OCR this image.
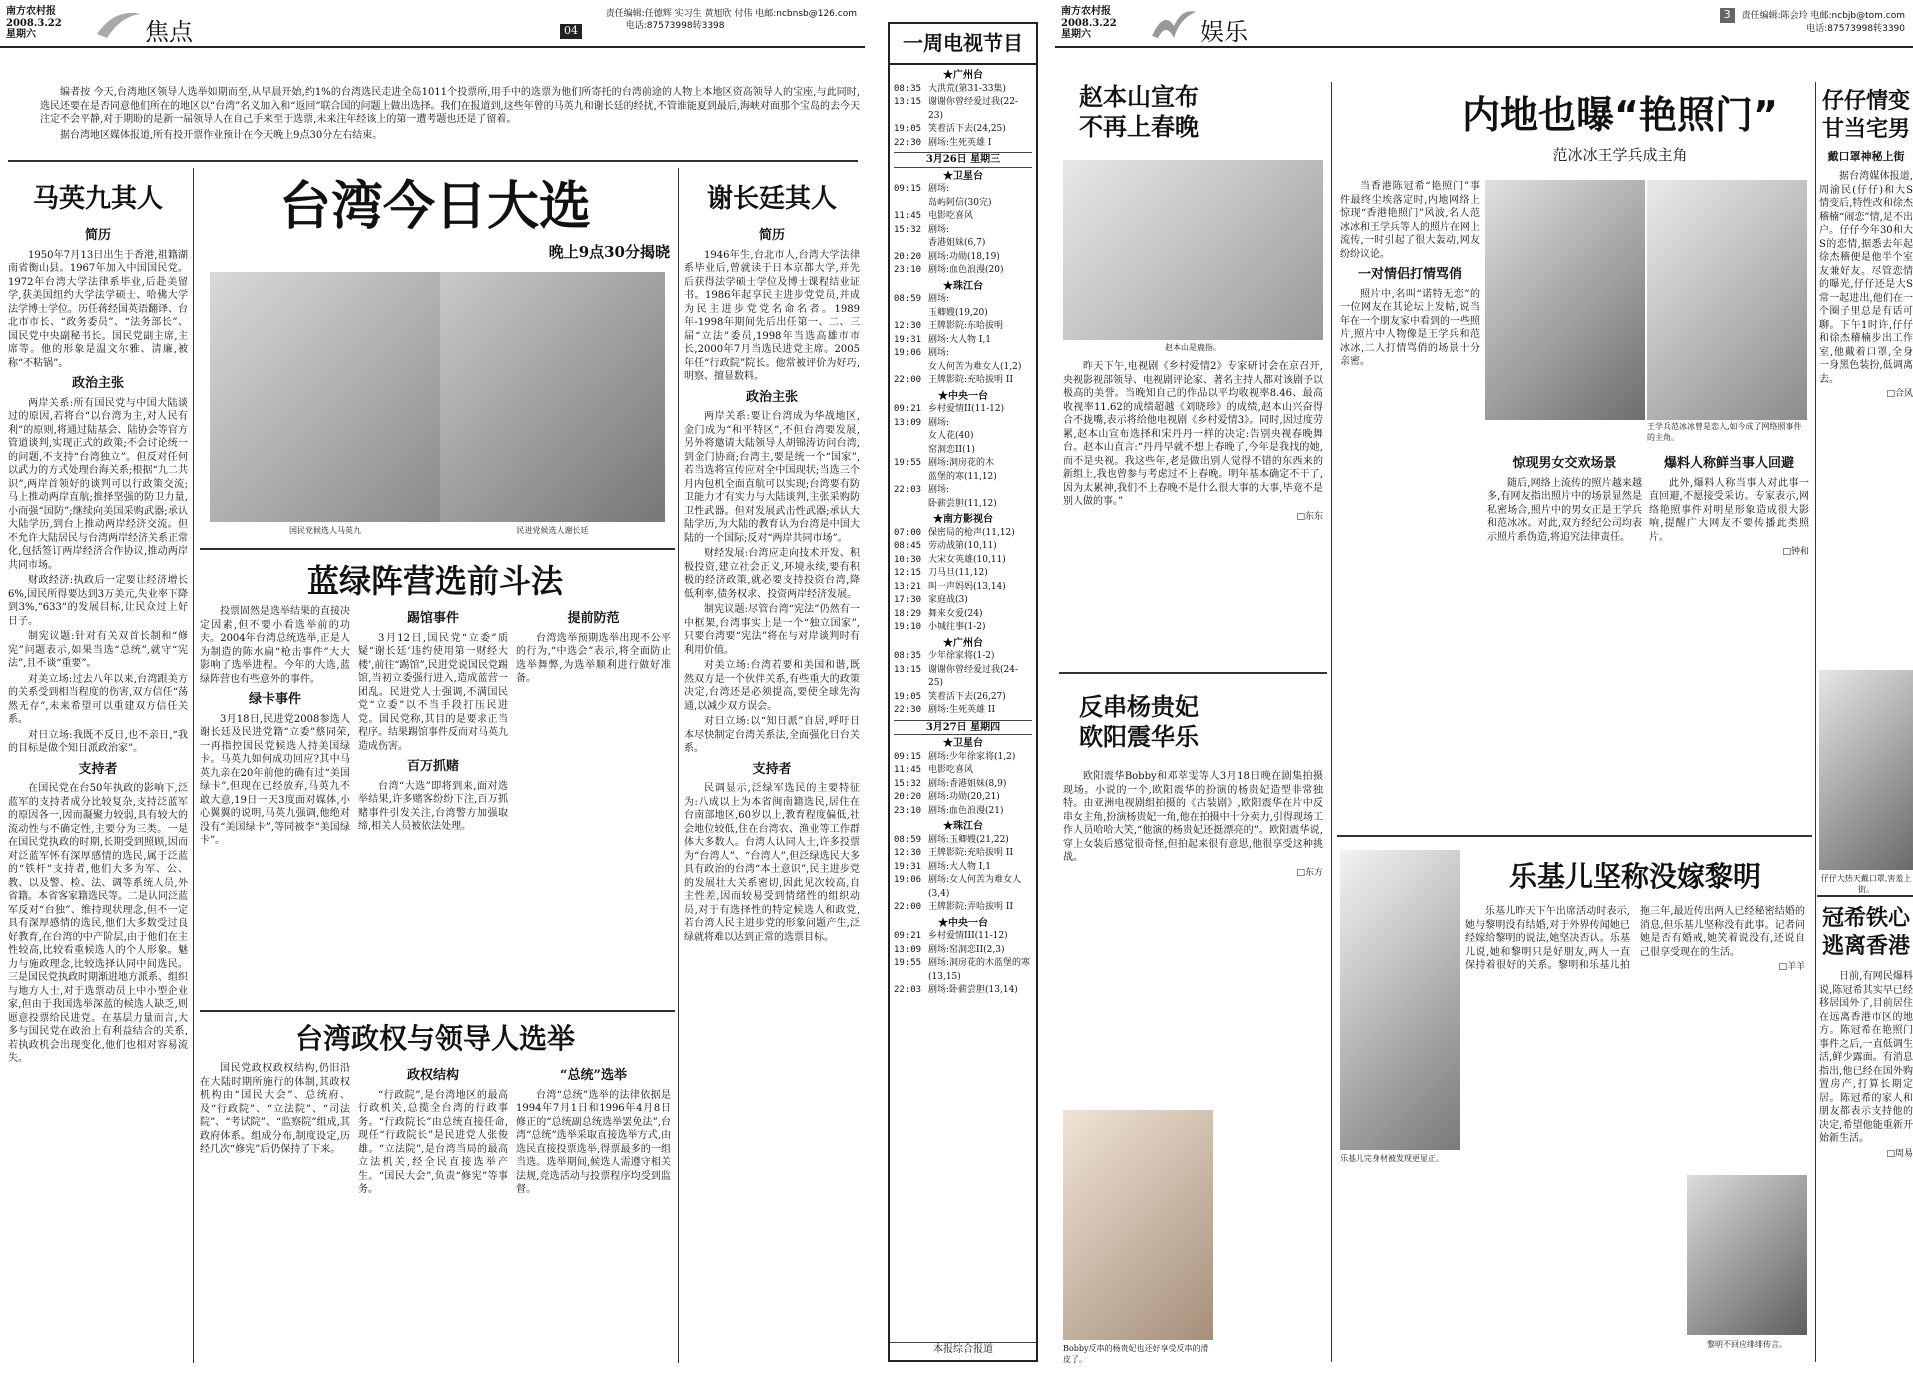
南方农村报
2008.3.22
星期六	焦点	04
责任编辑:任德辉 实习生 黄旭欣 付伟 电邮:ncbnsb@126.com
电话:87573998转3398

编者按 今天,台湾地区领导人选举如期而至,从早晨开始,约1%的台湾选民走进全岛1011个投票所,用手中的选票为他们所寄托的台湾前途的人物上本地区资高领导人的宝座,与此同时,选民还要在是否同意他们所在的地区以“台湾”名义加入和“返回”联合国的问题上做出选择。我们在报道到,这些年曾的马英九和谢长廷的经扰,不管谁能夏到最后,海峡对面那个宝岛的去今天注定不会平静,对于期盼的是新一届领导人在自己手来至于选票,未来注年经该上的第一遭考题也还是了留着。

据台湾地区媒体报道,所有投开票作业预计在今天晚上9点30分左右结束。

马英九其人
简历

1950年7月13日出生于香港,祖籍湖南省衡山县。1967年加入中国国民党。1972年台湾大学法律系毕业,后赴美留学,获美国纽约大学法学硕士、哈佛大学法学博士学位。历任蒋经国英语翻译、台北市市长、“政务委员”、“法务部长”、国民党中央副秘书长。国民党副主席,主席等。他的形象是温文尔雅、清廉,被称“不粘锅”。

政治主张

两岸关系:所有国民党与中国大陆谈过的原因,若将台“以台湾为主,对人民有利”的原则,将通过陆基会、陆协会等官方管道谈判,实现正式的政策;不会讨论统一的问题,不支持“台湾独立”。但反对任何以武力的方式处理台海关系;根据“九二共识”,两岸首领好的谈判可以行政策交流;马上推动两岸直航;推择坚强的防卫力量,小而强“国防”;继续向美国采购武器;承认大陆学历,到台上推动两岸经济交流。但不允许大陆居民与台湾两岸经济关系正常化,包括签订两岸经济合作协议,推动两岸共同市场。

财政经济:执政后一定要让经济增长6%,国民所得要达到3万美元,失业率下降到3%,“633”的发展目标,让民众过上好日子。

制宪议题:针对有关双首长制和“修宪”问题表示,如果当选“总统”,就守“宪法”,且不谈“重要”。

对美立场:过去八年以来,台湾跟美方的关系受到相当程度的伤害,双方信任“荡然无存”,未来希望可以重建双方信任关系。

对日立场:我既不反日,也不亲日,“我的目标是做个知日派政治家”。

支持者

在国民党在台50年执政的影响下,泛蓝军的支持者成分比较复杂,支持泛蓝军的原因各一,因而凝聚力较弱,具有较大的流动性与不确定性,主要分为三类。一是在国民党执政的时期,长期受到照顾,因而对泛蓝军怀有深厚感情的选民,属于泛蓝的“铁杆”支持者,他们大多为军、公、教、以及警、检、法、调等系统人员,外省籍。本省客家籍选民等。二是认同泛蓝军反对“台独”、维持现状理念,但不一定具有深厚感情的选民,他们大多数受过良好教育,在台湾的中产阶层,由于他们在主性较高,比较看重候选人的个人形象。魅力与施政理念,比较选择认同中间选民。三是国民党执政时期渐进地方派系、组织与地方人士,对于选票动员上中小型企业家,但由于我国选举深蓝的候选人缺乏,则愿意投票给民进党。在基层力量而言,大多与国民党在政治上有利益结合的关系,若执政机会出现变化,他们也相对容易流失。

台湾今日大选
晚上9点30分揭晓
国民党候选人马英九	民进党候选人谢长廷
蓝绿阵营选前斗法

投票固然是选举结果的直接决定因素,但不要小看选举前的功夫。2004年台湾总统选举,正是人为制造的陈水扁“枪击事件”大大影响了选举进程。今年的大选,蓝绿阵营也有些意外的事件。

绿卡事件

3月18日,民进党2008参选人谢长廷及民进党籍“立委”蔡同荣,一再指控国民党候选人持美国绿卡。马英九如何成功回应?其中马英九亲在20年前他的确有过“美国绿卡”,但现在已经放弃,马英九不敢大意,19日一天3度面对媒体,小心翼翼的说明,马英九强调,他绝对没有“美国绿卡”,等同被李“美国绿卡”。

踢馆事件

3月12日,国民党“立委”质疑“谢长廷‘违约使用第一财经大楼’,前往“踢馆”,民进党说国民党踢馆,当初立委强行进入,造成蓝营一团乱。民进党人士强调,不满国民党“立委”以不当手段打压民进党。国民党称,其目的是要求正当程序。结果踢馆事件反而对马英九造成伤害。

百万抓赌

台湾“大选”即将到来,面对选举结果,许多赌客纷纷下注,百万抓赌事件引发关注,台湾警方加强取缔,相关人员被依法处理。

提前防范

台湾选举预期选举出现不公平的行为,“中选会”表示,将全面防止选举舞弊,为选举顺利进行做好准备。

台湾政权与领导人选举

国民党政权政权结构,仍旧沿在大陆时期所施行的体制,其政权机构由“国民大会”、总统府、及“行政院”、“立法院”、“司法院”、“考试院”、“监察院”组成,其政府体系。组成分布,制度设定,历经几次“修宪”后仍保持了下来。

政权结构

“行政院”,是台湾地区的最高行政机关,总揽全台湾的行政事务。“行政院长”由总统直接任命,现任“行政院长”是民进党人张俊雄。“立法院”,是台湾当局的最高立法机关,经全民直接选举产生。“国民大会”,负责“修宪”等事务。

“总统”选举

台湾“总统”选举的法律依据是1994年7月1日和1996年4月8日修正的“总统副总统选举罢免法”,台湾“总统”选举采取直接选举方式,由选民直接投票选举,得票最多的一组当选。选举期间,候选人需遵守相关法规,竞选活动与投票程序均受到监督。

谢长廷其人
简历

1946年生,台北市人,台湾大学法律系毕业后,曾就读于日本京都大学,并先后获得法学硕士学位及博士课程结业证书。1986年起享民主进步党党员,并成为民主进步党党名命名者。1989年-1998年期间先后出任第一、二、三届“立法”委员,1998年当选高雄市市长,2000年7月当选民进党主席。2005年任“行政院”院长。他常被评价为好巧,明察、擅显数料。

政治主张

两岸关系:要让台湾成为华战地区,金门成为“和平特区”,不但台湾要发展,另外将邀请大陆领导人胡锦涛访问台湾,到金门协商;台湾主,要是统一个“国家”,若当选将宣传应对全中国现状;当选三个月内包机全面直航可以实现;台湾要有防卫能力才有实力与大陆谈判,主张采购防卫性武器。但对发展武击性武器;承认大陆学历,为大陆的教育认为台湾是中国大陆的一个国际;反对“两岸共同市场”。

财经发展:台湾应走向技术开发、积极投资,建立社会正义,环境永续,要有积极的经济政策,就必要支持投资台湾,降低利率,债务权求、投资两岸经济发展。

制宪议题:尽管台湾“宪法”仍然有一中框架,台湾事实上是一个“独立国家”,只要台湾要“宪法”将在与对岸谈判时有利用价值。

对美立场:台湾若要和美国和谐,既然双方是一个伙伴关系,有些重大的政策决定,台湾还是必须提高,要使全球先沟通,以减少双方误会。

对日立场:以“知日派”自居,呼吁日本尽快制定台湾关系法,全面强化日台关系。

支持者

民调显示,泛绿军选民的主要特征为:八成以上为本省闽南籍选民,居住在台南部地区,60岁以上,教育程度偏低,社会地位较低,住在台湾农、渔业等工作群体大多数人。台湾人认同人士,许多投票为“台湾人”、“台湾人”,但泛绿选民大多具有政治的台湾“本土意识”,民主进步党的发展壮大关系密切,因此见次较高,自主性差,因而较易受到情绪性的组织动员,对于有选择性的特定候选人和政党,若台湾人民主进步党的形象问题产生,泛绿就将难以达到正常的选票目标。

一周电视节目
★广州台
08:35 大洪荒(第31-33集)
13:15 谢谢你曾经爱过我(22-23)
19:05 笑着活下去(24,25)
22:30 剧场:生死英雄 I
3月26日 星期三
★卫星台
09:15 剧场:
岛屿阿信(30完)
11:45 电影吃喜风
15:32 剧场:
香港姐妹(6,7)
20:20 剧场:功勋(18,19)
23:10 剧场:血色浪漫(20)
★珠江台
08:59 剧场:
玉卿嫂(19,20)
12:30 王牌影院:东哈拔明
19:31 剧场:大人物 I,1
19:06 剧场:
女人何苦为难女人(1,2)
22:00 王牌影院:充哈拔明 II
★中央一台
09:21 乡村爱情II(11-12)
13:09 剧场:
女人花(40)
窑洞恋II(1)
19:55 剧场:洞房花的木
蓝堡的寒(11,12)
22:03 剧场:
卧薪尝胆(11,12)
★南方影视台
07:00 保密局的枪声(11,12)
08:45 劳动战第(10,11)
10:30 大宋女英雄(10,11)
12:15 刀马旦(11,12)
13:21 叫一声妈妈(13,14)
17:30 家庭战(3)
18:29 舞来女爱(24)
19:10 小城往事(1-2)
★广州台
08:35 少年徐家将(1-2)
13:15 谢谢你曾经爱过我(24-25)
19:05 笑着活下去(26,27)
22:30 剧场:生死英雄 II
3月27日 星期四
★卫星台
09:15 剧场:少年徐家将(1,2)
11:45 电影吃喜风
15:32 剧场:香港姐妹(8,9)
20:20 剧场:功勋(20,21)
23:10 剧场:血色浪漫(21)
★珠江台
08:59 剧场:玉卿嫂(21,22)
12:30 王牌影院:充哈拔明 II
19:31 剧场:大人物 I,1
19:06 剧场:女人何苦为难女人(3,4)
22:00 王牌影院:弄哈拔明 II
★中央一台
09:21 乡村爱情III(11-12)
13:09 剧场:窑洞恋II(2,3)
19:55 剧场:洞房花的木蓝堡的寒(13,15)
22:03 剧场:卧薪尝胆(13,14)
本报综合报道
南方农村报
2008.3.22
星期六	娱乐
3 责任编辑:陈会玲 电邮:ncbjb@tom.com
电话:87573998转3390
赵本山宣布
不再上春晚
赵本山是鹿指。

昨天下午,电视剧《乡村爱情2》专家研讨会在京召开,央视影视部领导、电视剧评论家、著名主持人都对该剧予以极高的美誉。当晚知自己的作品以平均收视率8.46、最高收视率11.62的成绩超越《刘晓珍》的成绩,赵本山兴奋得合不拢嘴,表示将给他电视剧《乡村爱情3》。同时,因过度劳累,赵本山宣布选择和宋丹丹一样的决定:告别央视春晚舞台。赵本山直言:“丹丹早就不想上春晚了,今年是我找的她,而不是央视。我这些年,老是做出别人觉得不错的东西来的新组上,我也曾参与考虑过不上春晚。明年基本确定不干了,因为太累神,我们不上春晚不是什么很大事的大事,毕竟不是别人做的事。”

□东东
反串杨贵妃
欧阳震华乐

欧阳震华Bobby和邓萃雯等人3月18日晚在剧集拍摄现场。小说的一个,欧阳震华的扮演的杨贵妃造型非常独特。由亚洲电视剧组拍摄的《古装剧》,欧阳震华在片中反串女主角,扮演杨贵妃一角,他在拍摄中十分卖力,引得现场工作人员哈哈大笑,“他演的杨贵妃还挺漂亮的”。欧阳震华说,穿上女装后感觉很奇怪,但拍起来很有意思,他很享受这种挑战。

□东方
Bobby反串的杨贵妃也还好享受反串的滑皮了。
内地也曝“艳照门”
范冰冰王学兵成主角
王学兵范冰冰曾是恋人,如今成了网络照事件的主角。

当香港陈冠希“艳照门”事件最终尘埃落定时,内地网络上惊现“香港艳照门”风波,名人范冰冰和王学兵等人的照片在网上流传,一时引起了很大轰动,网友纷纷议论。

一对情侣打情骂俏

照片中,名叫“诺特无恋”的一位网友在其论坛上发帖,说当年在一个朋友家中看到的一些照片,照片中人物像是王学兵和范冰冰,二人打情骂俏的场景十分亲密。

惊现男女交欢场景

随后,网络上流传的照片越来越多,有网友指出照片中的场景显然是私密场合,照片中的男女正是王学兵和范冰冰。对此,双方经纪公司均表示照片系伪造,将追究法律责任。

爆料人称鲜当事人回避

此外,爆料人称当事人对此事一直回避,不愿接受采访。专家表示,网络艳照事件对明星形象造成很大影响,提醒广大网友不要传播此类照片。

□钟和
乐基儿完身材被发现更显正。
乐基儿坚称没嫁黎明

乐基儿昨天下午出席活动时表示,她与黎明没有结婚,对于外界传闻她已经嫁给黎明的说法,她坚决否认。乐基儿说,她和黎明只是好朋友,两人一直保持着很好的关系。黎明和乐基儿拍拖三年,最近传出两人已经秘密结婚的消息,但乐基儿坚称没有此事。记者问她是否有婚戒,她笑着说没有,还说自己很享受现在的生活。

□羊羊
黎明不回应绯绯传言。
仔仔情变
甘当宅男
戴口罩神秘上街

据台湾媒体报道,周渝民(仔仔)和大S情变后,特性改和徐杰稽楠“闹恋”情,足不出户。仔仔今年30和大S的恋情,据悉去年起徐杰稽便是他半个室友兼好友。尽管恋情的曝光,仔仔还是大S常一起进出,他们在一个圈子里总是有话可聊。下午1时许,仔仔和徐杰稽楠步出工作室,他戴着口罩,全身一身黑色装扮,低调离去。

□合风
仔仔大热天戴口罩,害羞上街。
冠希铁心
逃离香港

日前,有网民爆料说,陈冠希其实早已经移居国外了,目前居住在远离香港市区的地方。陈冠希在艳照门事件之后,一直低调生活,鲜少露面。有消息指出,他已经在国外购置房产,打算长期定居。陈冠希的家人和朋友都表示支持他的决定,希望他能重新开始新生活。

□周易
